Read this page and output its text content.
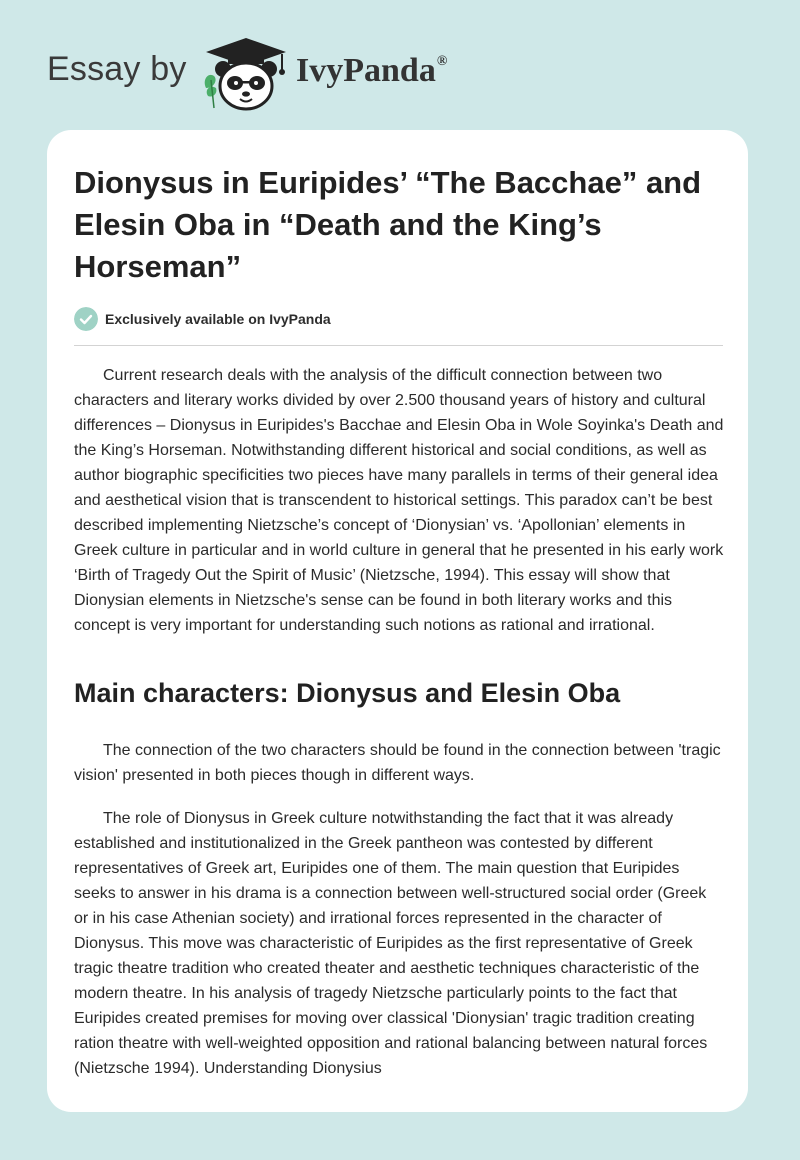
Essay by	IvyPanda®
Dionysus in Euripides’ “The Bacchae” and Elesin Oba in “Death and the King’s Horseman”
Exclusively available on IvyPanda

Current research deals with the analysis of the difficult connection between two characters and literary works divided by over 2.500 thousand years of history and cultural differences – Dionysus in Euripides's Bacchae and Elesin Oba in Wole Soyinka's Death and the King’s Horseman. Notwithstanding different historical and social conditions, as well as author biographic specificities two pieces have many parallels in terms of their general idea and aesthetical vision that is transcendent to historical settings. This paradox can’t be best described implementing Nietzsche’s concept of ‘Dionysian’ vs. ‘Apollonian’ elements in Greek culture in particular and in world culture in general that he presented in his early work ‘Birth of Tragedy Out the Spirit of Music’ (Nietzsche, 1994). This essay will show that Dionysian elements in Nietzsche's sense can be found in both literary works and this concept is very important for understanding such notions as rational and irrational.

Main characters: Dionysus and Elesin Oba

The connection of the two characters should be found in the connection between 'tragic vision' presented in both pieces though in different ways.

The role of Dionysus in Greek culture notwithstanding the fact that it was already established and institutionalized in the Greek pantheon was contested by different representatives of Greek art, Euripides one of them. The main question that Euripides seeks to answer in his drama is a connection between well-structured social order (Greek or in his case Athenian society) and irrational forces represented in the character of Dionysus. This move was characteristic of Euripides as the first representative of Greek tragic theatre tradition who created theater and aesthetic techniques characteristic of the modern theatre. In his analysis of tragedy Nietzsche particularly points to the fact that Euripides created premises for moving over classical 'Dionysian' tragic tradition creating ration theatre with well-weighted opposition and rational balancing between natural forces (Nietzsche 1994). Understanding Dionysius
